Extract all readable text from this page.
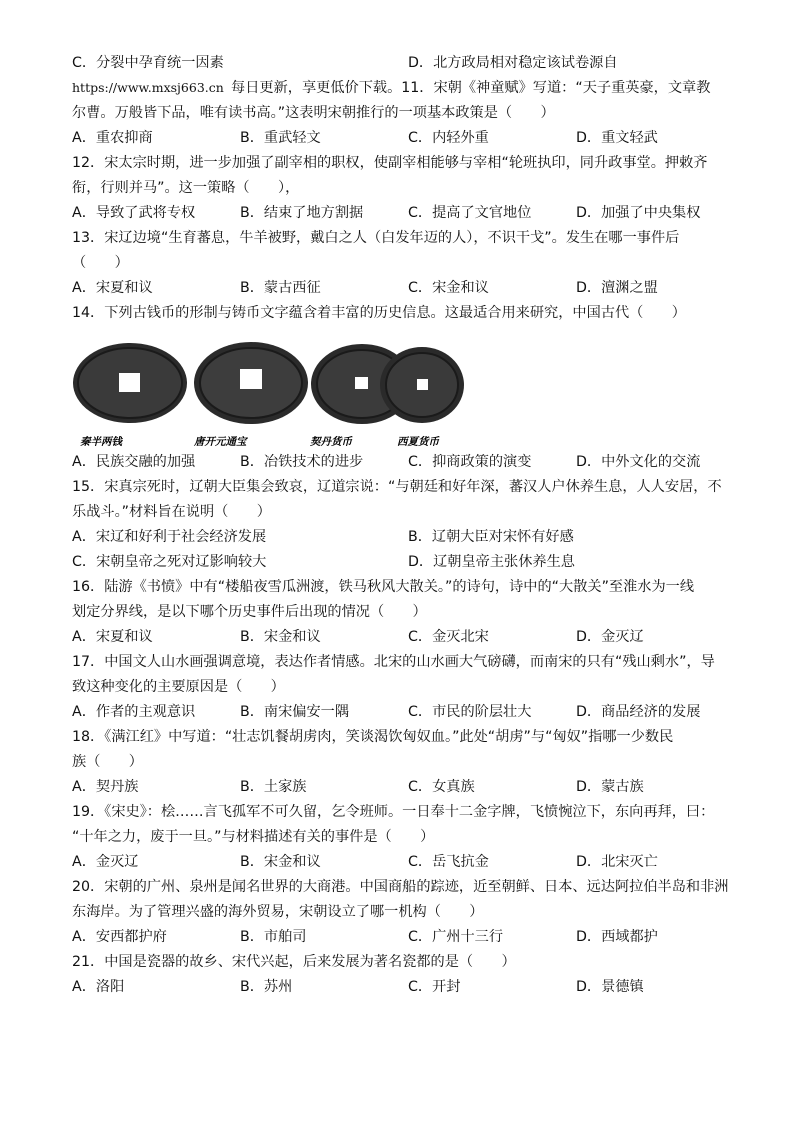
C．分裂中孕育统一因素	D．北方政局相对稳定该试卷源自
https://www.mxsj663.cn 每日更新，享更低价下载。11．宋朝《神童赋》写道：“天子重英豪，文章教
尔曹。万般皆下品，唯有读书高。”这表明宋朝推行的一项基本政策是（　　）
A．重农抑商	B．重武轻文	C．内轻外重	D．重文轻武
12．宋太宗时期，进一步加强了副宰相的职权，使副宰相能够与宰相“轮班执印，同升政事堂。押敕齐
衔，行则并马”。这一策略（　　），
A．导致了武将专权	B．结束了地方割据	C．提高了文官地位	D．加强了中央集权
13．宋辽边境“生育蕃息，牛羊被野，戴白之人（白发年迈的人），不识干戈”。发生在哪一事件后
（　　）
A．宋夏和议	B．蒙古西征	C．宋金和议	D．澶渊之盟
14．下列古钱币的形制与铸币文字蕴含着丰富的历史信息。这最适合用来研究，中国古代（　　）
A．民族交融的加强	B．冶铁技术的进步	C．抑商政策的演变	D．中外文化的交流
15．宋真宗死时，辽朝大臣集会致哀，辽道宗说：“与朝廷和好年深，蕃汉人户休养生息，人人安居，不
乐战斗。”材料旨在说明（　　）
A．宋辽和好利于社会经济发展	B．辽朝大臣对宋怀有好感
C．宋朝皇帝之死对辽影响较大	D．辽朝皇帝主张休养生息
16．陆游《书愤》中有“楼船夜雪瓜洲渡，铁马秋风大散关。”的诗句，诗中的“大散关”至淮水为一线
划定分界线，是以下哪个历史事件后出现的情况（　　）
A．宋夏和议	B．宋金和议	C．金灭北宋	D．金灭辽
17．中国文人山水画强调意境，表达作者情感。北宋的山水画大气磅礴，而南宋的只有“残山剩水”，导
致这种变化的主要原因是（　　）
A．作者的主观意识	B．南宋偏安一隅	C．市民的阶层壮大	D．商品经济的发展
18．《满江红》中写道：“壮志饥餐胡虏肉，笑谈渴饮匈奴血。”此处“胡虏”与“匈奴”指哪一少数民
族（　　）
A．契丹族	B．土家族	C．女真族	D．蒙古族
19．《宋史》：桧……言飞孤军不可久留，乞令班师。一日奉十二金字牌，飞愤惋泣下，东向再拜，曰：
“十年之力，废于一旦。”与材料描述有关的事件是（　　）
A．金灭辽	B．宋金和议	C．岳飞抗金	D．北宋灭亡
20．宋朝的广州、泉州是闻名世界的大商港。中国商船的踪迹，近至朝鲜、日本、远达阿拉伯半岛和非洲
东海岸。为了管理兴盛的海外贸易，宋朝设立了哪一机构（　　）
A．安西都护府	B．市舶司	C．广州十三行	D．西域都护
21．中国是瓷器的故乡、宋代兴起，后来发展为著名瓷都的是（　　）
A．洛阳	B．苏州	C．开封	D．景德镇
秦半两钱	唐开元通宝	契丹货币	西夏货币
